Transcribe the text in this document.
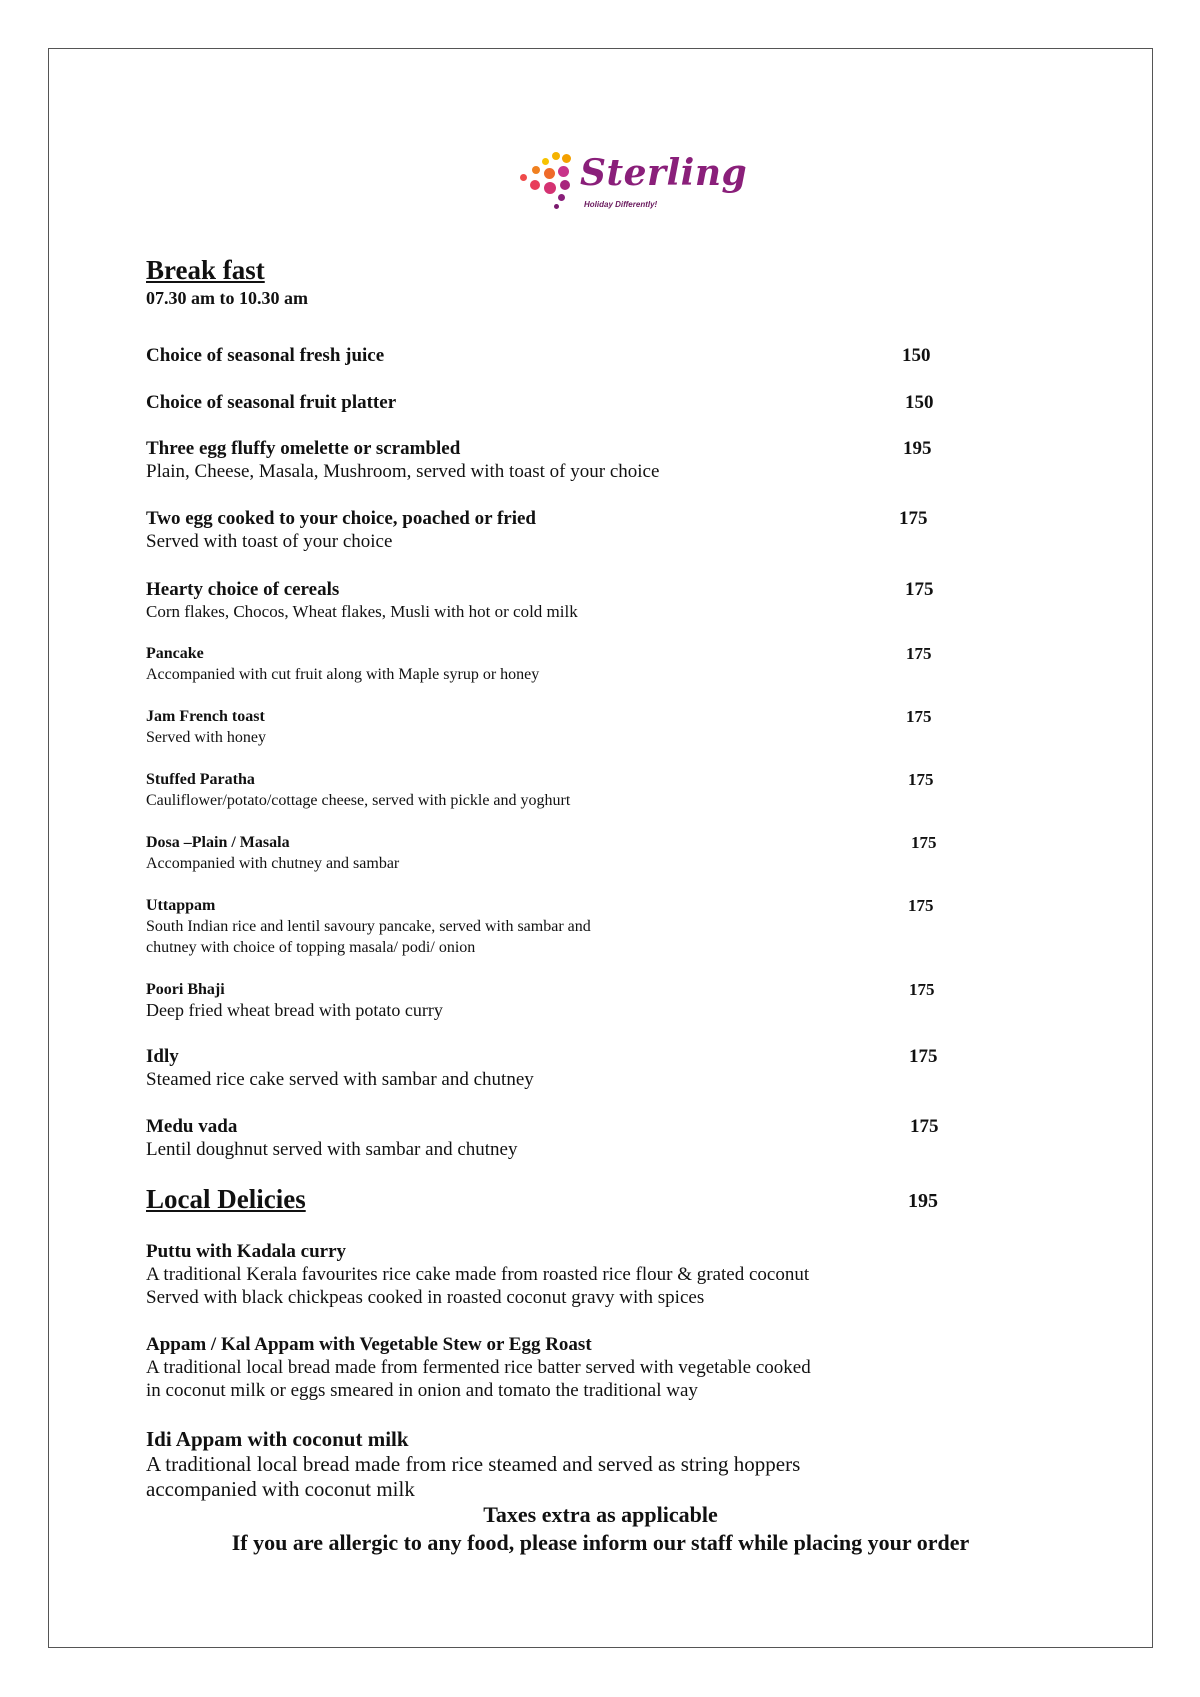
Sterling
Holiday Differently!
Break fast
07.30 am to 10.30 am
Choice of seasonal fresh juice	150
Choice of seasonal fruit platter	150
Three egg fluffy omelette or scrambled
Plain, Cheese, Masala, Mushroom, served with toast of your choice
195
Two egg cooked to your choice, poached or fried
Served with toast of your choice
175
Hearty choice of cereals
Corn flakes, Chocos, Wheat flakes, Musli with hot or cold milk
175
Pancake
Accompanied with cut fruit along with Maple syrup or honey
175
Jam French toast
Served with honey
175
Stuffed Paratha
Cauliflower/potato/cottage cheese, served with pickle and yoghurt
175
Dosa –Plain / Masala
Accompanied with chutney and sambar
175
Uttappam
South Indian rice and lentil savoury pancake, served with sambar and
chutney with choice of topping masala/ podi/ onion
175
Poori Bhaji
Deep fried wheat bread with potato curry
175
Idly
Steamed rice cake served with sambar and chutney
175
Medu vada
Lentil doughnut served with sambar and chutney
175
Local Delicies	195
Puttu with Kadala curry
A traditional Kerala favourites rice cake made from roasted rice flour & grated coconut
Served with black chickpeas cooked in roasted coconut gravy with spices
Appam / Kal Appam with Vegetable Stew or Egg Roast
A traditional local bread made from fermented rice batter served with vegetable cooked
in coconut milk or eggs smeared in onion and tomato the traditional way
Idi Appam with coconut milk
A traditional local bread made from rice steamed and served as string hoppers
accompanied with coconut milk
Taxes extra as applicable
If you are allergic to any food, please inform our staff while placing your order
